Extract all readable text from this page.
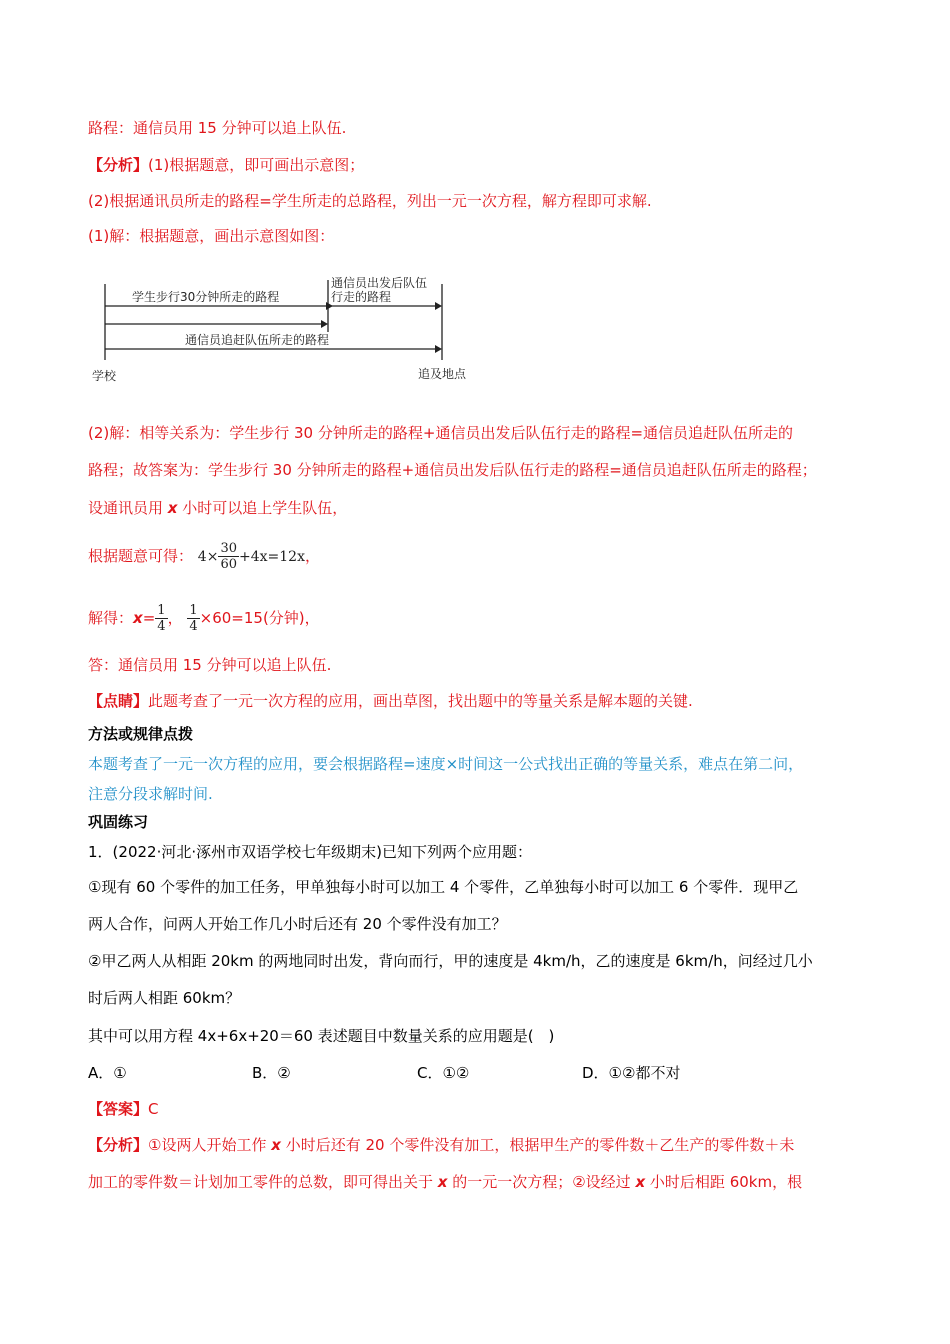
路程：通信员用 15 分钟可以追上队伍.
【分析】(1)根据题意，即可画出示意图；
(2)根据通讯员所走的路程=学生所走的总路程，列出一元一次方程，解方程即可求解.
(1)解：根据题意，画出示意图如图：
学生步行30分钟所走的路程
通信员出发后队伍
行走的路程
通信员追赶队伍所走的路程
学校	追及地点
(2)解：相等关系为：学生步行 30 分钟所走的路程+通信员出发后队伍行走的路程=通信员追赶队伍所走的
路程；故答案为：学生步行 30 分钟所走的路程+通信员出发后队伍行走的路程=通信员追赶队伍所走的路程；
设通讯员用 x 小时可以追上学生队伍，
根据题意可得： $4\times \frac{30}{60} +4x=12x$，
解得：$x= \frac{1}{4}$ ， $\frac{1}{4} \times 60=15$(分钟)，
答：通信员用 15 分钟可以追上队伍.
【点睛】此题考查了一元一次方程的应用，画出草图，找出题中的等量关系是解本题的关键.
方法或规律点拨
本题考查了一元一次方程的应用，要会根据路程=速度×时间这一公式找出正确的等量关系，难点在第二问，
注意分段求解时间.
巩固练习
1．(2022·河北·涿州市双语学校七年级期末)已知下列两个应用题：
①现有 60 个零件的加工任务，甲单独每小时可以加工 4 个零件，乙单独每小时可以加工 6 个零件．现甲乙
两人合作，问两人开始工作几小时后还有 20 个零件没有加工？
②甲乙两人从相距 20km 的两地同时出发，背向而行，甲的速度是 4km/h，乙的速度是 6km/h，问经过几小
时后两人相距 60km？
其中可以用方程 4x+6x+20＝60 表述题目中数量关系的应用题是(　)
A．①	B．②	C．①②	D．①②都不对
【答案】C
【分析】①设两人开始工作 x 小时后还有 20 个零件没有加工，根据甲生产的零件数＋乙生产的零件数＋未
加工的零件数＝计划加工零件的总数，即可得出关于 x 的一元一次方程；②设经过 x 小时后相距 60km，根
